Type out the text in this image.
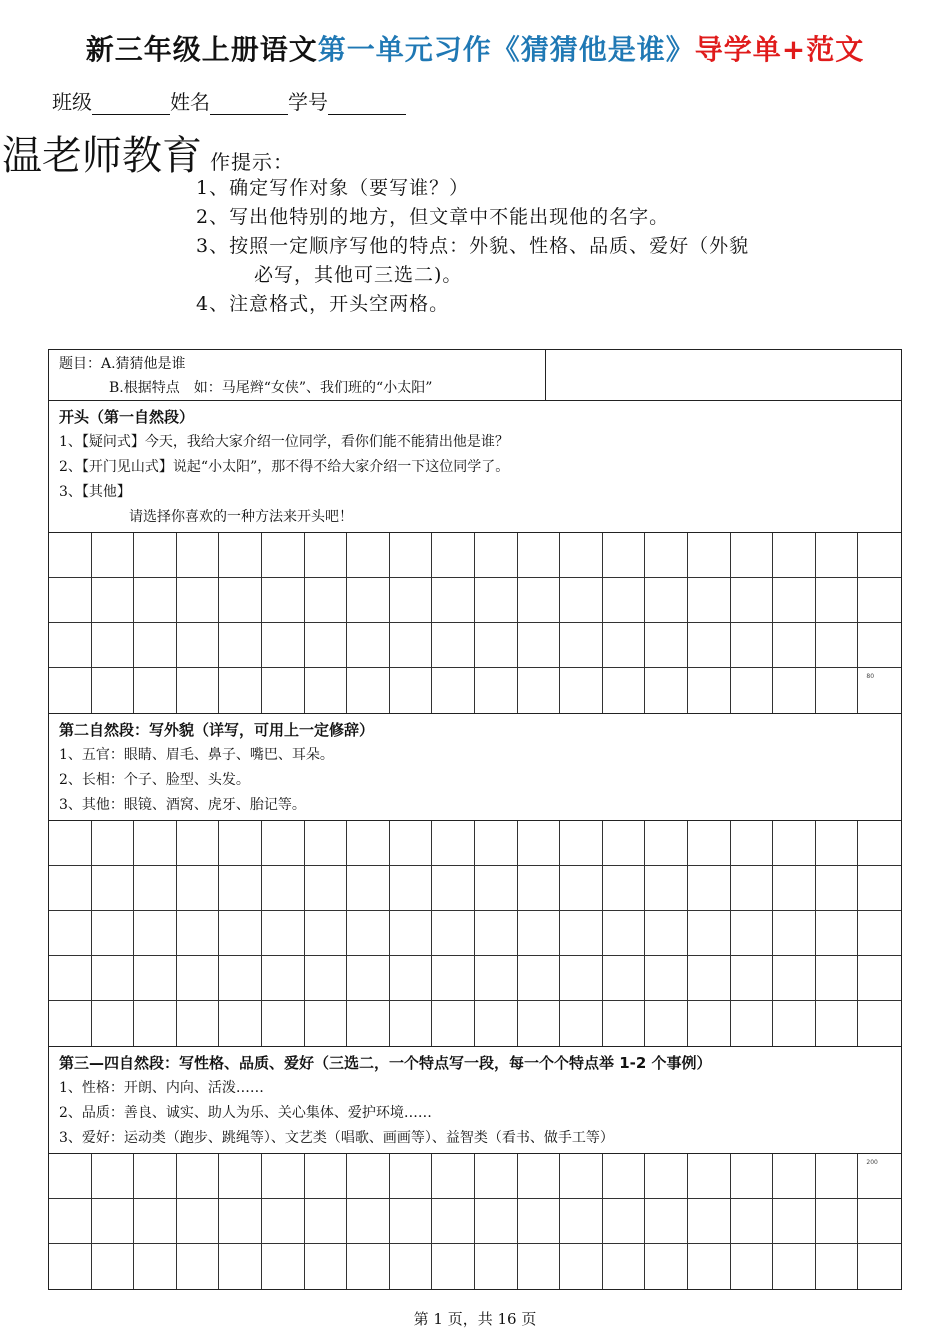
新三年级上册语文第一单元习作《猜猜他是谁》导学单+范文
班级	姓名	学号
温老师教育 作提示：
1、确定写作对象（要写谁？）
2、写出他特别的地方，但文章中不能出现他的名字。
3、按照一定顺序写他的特点：外貌、性格、品质、爱好（外貌
必写，其他可三选二)。
4、注意格式，开头空两格。
题目：A.猜猜他是谁
B.根据特点　如：马尾辫“女侠”、我们班的“小太阳”
开头（第一自然段）
1、【疑问式】今天，我给大家介绍一位同学，看你们能不能猜出他是谁？
2、【开门见山式】说起“小太阳”，那不得不给大家介绍一下这位同学了。
3、【其他】
请选择你喜欢的一种方法来开头吧！
80
第二自然段：写外貌（详写，可用上一定修辞）
1、五官：眼睛、眉毛、鼻子、嘴巴、耳朵。
2、长相：个子、脸型、头发。
3、其他：眼镜、酒窝、虎牙、胎记等。
第三—四自然段：写性格、品质、爱好（三选二，一个特点写一段，每一个个特点举 1-2 个事例）
1、性格：开朗、内向、活泼……
2、品质：善良、诚实、助人为乐、关心集体、爱护环境……
3、爱好：运动类（跑步、跳绳等）、文艺类（唱歌、画画等）、益智类（看书、做手工等）
200
第 1 页，共 16 页
